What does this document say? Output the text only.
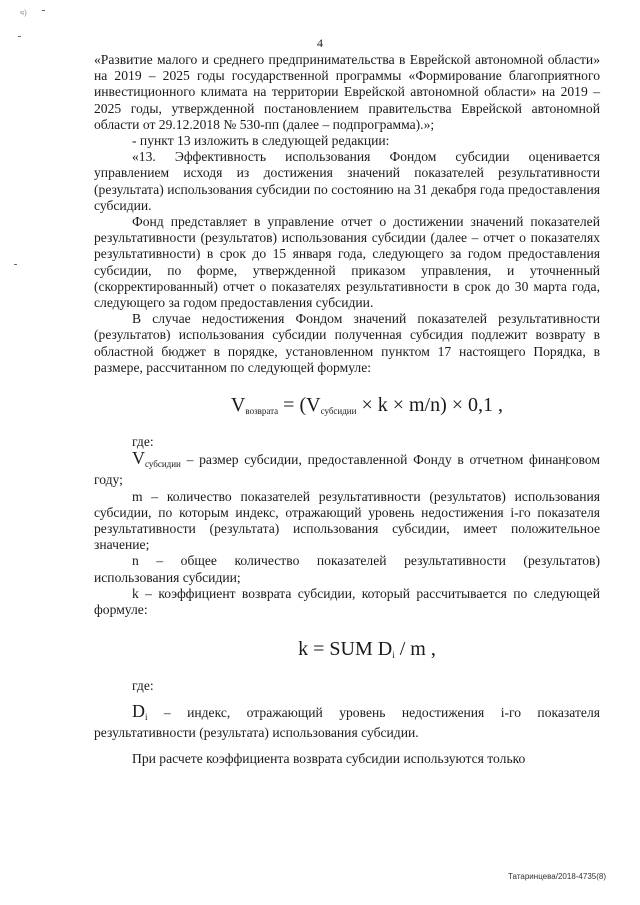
ч)
4

«Развитие малого и среднего предпринимательства в Еврейской автономной области» на 2019 – 2025 годы государственной программы «Формирование благоприятного инвестиционного климата на территории Еврейской автономной области» на 2019 – 2025 годы, утвержденной постановлением правительства Еврейской автономной области от 29.12.2018 № 530-пп (далее – подпрограмма).»;

- пункт 13 изложить в следующей редакции:

«13. Эффективность использования Фондом субсидии оценивается управлением исходя из достижения значений показателей результативности (результата) использования субсидии по состоянию на 31 декабря года предоставления субсидии.

Фонд представляет в управление отчет о достижении значений показателей результативности (результатов) использования субсидии (далее – отчет о показателях результативности) в срок до 15 января года, следующего за годом предоставления субсидии, по форме, утвержденной приказом управления, и уточненный (скорректированный) отчет о показателях результативности в срок до 30 марта года, следующего за годом предоставления субсидии.

В случае недостижения Фондом значений показателей результативности (результатов) использования субсидии полученная субсидия подлежит возврату в областной бюджет в порядке, установленном пунктом 17 настоящего Порядка, в размере, рассчитанном по следующей формуле:

$V_{возврата} = (V_{субсидии} \times k \times m/n) \times 0,1$ ,

где:

$V_{субсидии}$ – размер субсидии, предоставленной Фонду в отчетном финансовом году;

m – количество показателей результативности (результатов) использования субсидии, по которым индекс, отражающий уровень недостижения i-го показателя результативности (результата) использования субсидии, имеет положительное значение;

n – общее количество показателей результативности (результатов) использования субсидии;

k – коэффициент возврата субсидии, который рассчитывается по следующей формуле:

k = SUM $D_i$ / m ,

где:

$D_i$ – индекс, отражающий уровень недостижения i-го показателя результативности (результата) использования субсидии.

При расчете коэффициента возврата субсидии используются только

Татаринцева/2018-4735(8)
